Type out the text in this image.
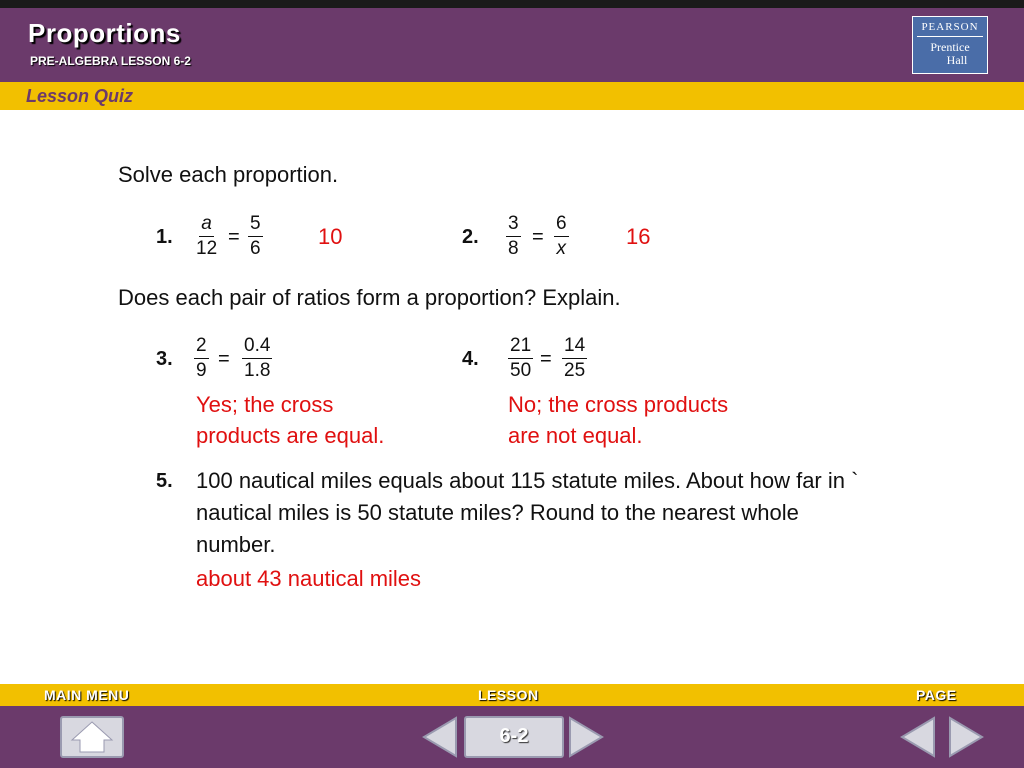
Proportions
PRE-ALGEBRA LESSON 6-2
PEARSON
Prentice
Hall
Lesson Quiz
Solve each proportion.
1. $\frac{a}{12} = \frac{5}{6}$	10	2. $\frac{3}{8} = \frac{6}{x}$	16
Does each pair of ratios form a proportion? Explain.
3. $\frac{2}{9} = \frac{0.4}{1.8}$
Yes; the cross
products are equal.
4. $\frac{21}{50} = \frac{14}{25}$
No; the cross products
are not equal.
5. 100 nautical miles equals about 115 statute miles. About how far in `
nautical miles is 50 statute miles? Round to the nearest whole
number.
about 43 nautical miles
MAIN MENU	LESSON	PAGE
6-2
